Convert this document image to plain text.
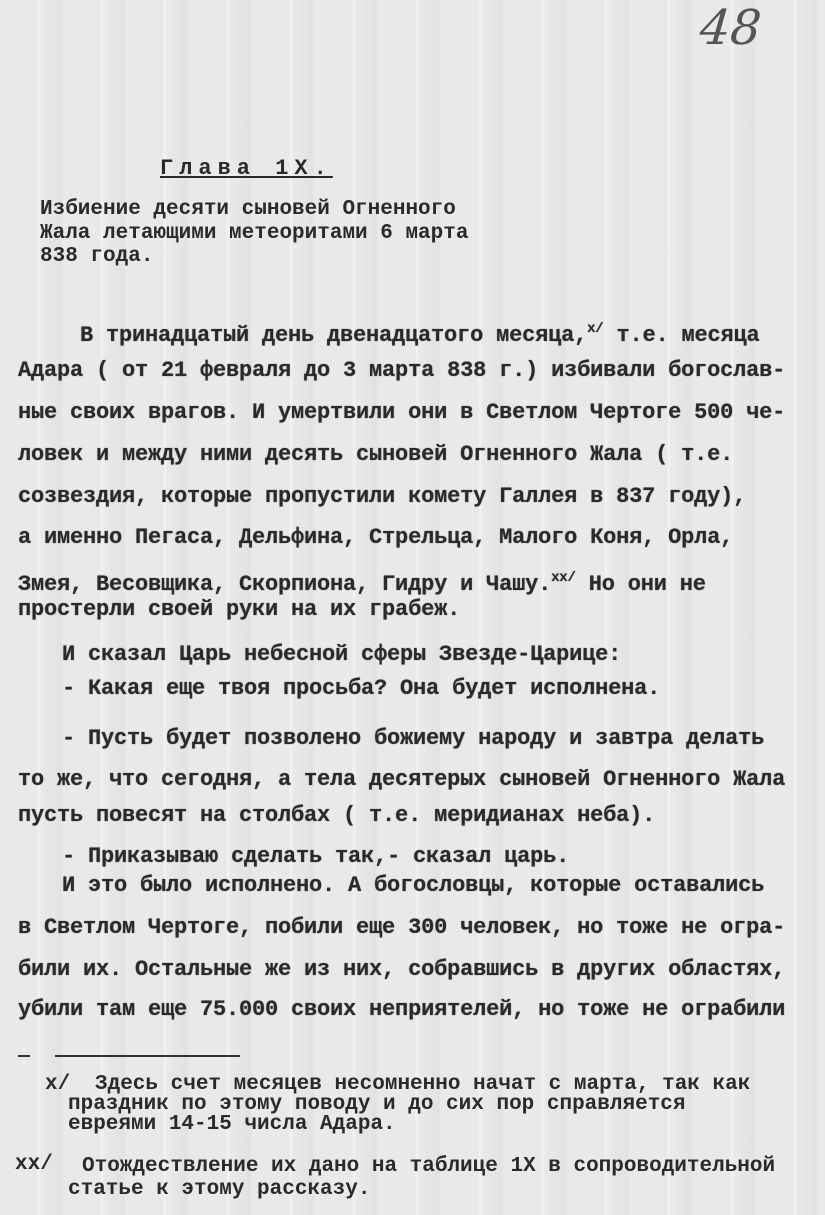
48
Глава 1Х.
Избиение десяти сыновей Огненного
Жала летающими метеоритами 6 марта
838 года.
В тринадцатый день двенадцатого месяца,$^{x/}$ т.е. месяца
Адара ( от 21 февраля до 3 марта 838 г.) избивали богослав-
ные своих врагов. И умертвили они в Светлом Чертоге 500 че-
ловек и между ними десять сыновей Огненного Жала ( т.е.
созвездия, которые пропустили комету Галлея в 837 году),
а именно Пегаса, Дельфина, Стрельца, Малого Коня, Орла,
Змея, Весовщика, Скорпиона, Гидру и Чашу.$^{xx/}$ Но они не
простерли своей руки на их грабеж.
И сказал Царь небесной сферы Звезде-Царице:
- Какая еще твоя просьба? Она будет исполнена.
- Пусть будет позволено божиему народу и завтра делать
то же, что сегодня, а тела десятерых сыновей Огненного Жала
пусть повесят на столбах ( т.е. меридианах неба).
- Приказываю сделать так,- сказал царь.
И это было исполнено. А богословцы, которые оставались
в Светлом Чертоге, побили еще 300 человек, но тоже не огра-
били их. Остальные же из них, собравшись в других областях,
убили там еще 75.000 своих неприятелей, но тоже не ограбили
x/ Здесь счет месяцев несомненно начат с марта, так как
праздник по этому поводу и до сих пор справляется
евреями 14-15 числа Адара.
xx/ Отождествление их дано на таблице 1Х в сопроводительной
статье к этому рассказу.
